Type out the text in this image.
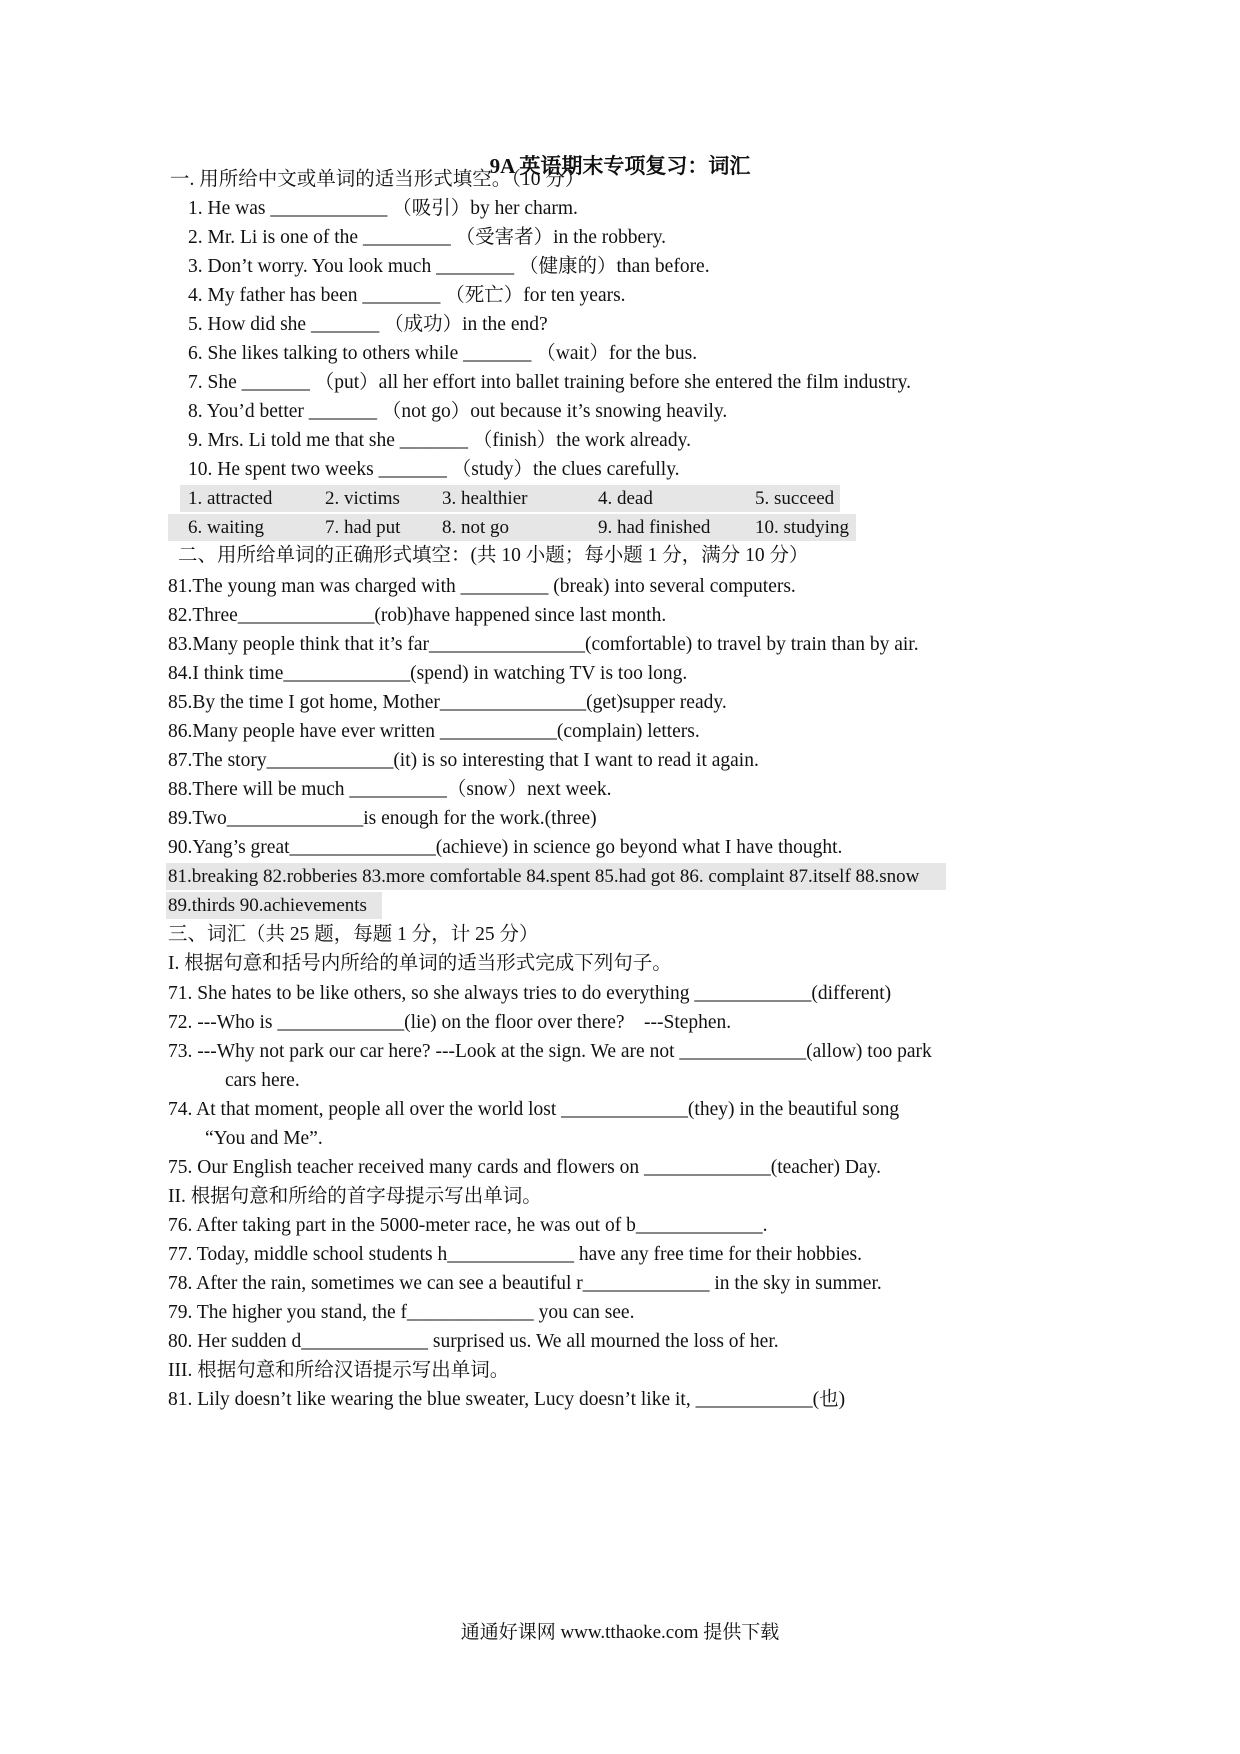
9A 英语期末专项复习：词汇
一. 用所给中文或单词的适当形式填空。（10 分）
1. He was ____________ （吸引）by her charm.
2. Mr. Li is one of the _________ （受害者）in the robbery.
3. Don’t worry. You look much ________ （健康的）than before.
4. My father has been ________ （死亡）for ten years.
5. How did she _______ （成功）in the end?
6. She likes talking to others while _______ （wait）for the bus.
7. She _______ （put）all her effort into ballet training before she entered the film industry.
8. You’d better _______ （not go）out because it’s snowing heavily.
9. Mrs. Li told me that she _______ （finish）the work already.
10. He spent two weeks _______ （study）the clues carefully.
1. attracted	2. victims 3. healthier	4. dead	5. succeed
6. waiting	7. had put 8. not go	9. had finished 10. studying
二、用所给单词的正确形式填空：(共 10 小题；每小题 1 分，满分 10 分）
81.The young man was charged with _________ (break) into several computers.
82.Three______________(rob)have happened since last month.
83.Many people think that it’s far________________(comfortable) to travel by train than by air.
84.I think time_____________(spend) in watching TV is too long.
85.By the time I got home, Mother_______________(get)supper ready.
86.Many people have ever written ____________(complain) letters.
87.The story_____________(it) is so interesting that I want to read it again.
88.There will be much __________（snow）next week.
89.Two______________is enough for the work.(three)
90.Yang’s great_______________(achieve) in science go beyond what I have thought.
81.breaking 82.robberies 83.more comfortable 84.spent 85.had got 86. complaint 87.itself 88.snow
89.thirds 90.achievements
三、词汇（共 25 题，每题 1 分，计 25 分）
I. 根据句意和括号内所给的单词的适当形式完成下列句子。
71. She hates to be like others, so she always tries to do everything ____________(different)
72. ---Who is _____________(lie) on the floor over there?    ---Stephen.
73. ---Why not park our car here? ---Look at the sign. We are not _____________(allow) too park
cars here.
74. At that moment, people all over the world lost _____________(they) in the beautiful song
“You and Me”.
75. Our English teacher received many cards and flowers on _____________(teacher) Day.
II. 根据句意和所给的首字母提示写出单词。
76. After taking part in the 5000-meter race, he was out of b_____________.
77. Today, middle school students h_____________ have any free time for their hobbies.
78. After the rain, sometimes we can see a beautiful r_____________ in the sky in summer.
79. The higher you stand, the f_____________ you can see.
80. Her sudden d_____________ surprised us. We all mourned the loss of her.
III. 根据句意和所给汉语提示写出单词。
81. Lily doesn’t like wearing the blue sweater, Lucy doesn’t like it, ____________(也)
通通好课网 www.tthaoke.com 提供下载
